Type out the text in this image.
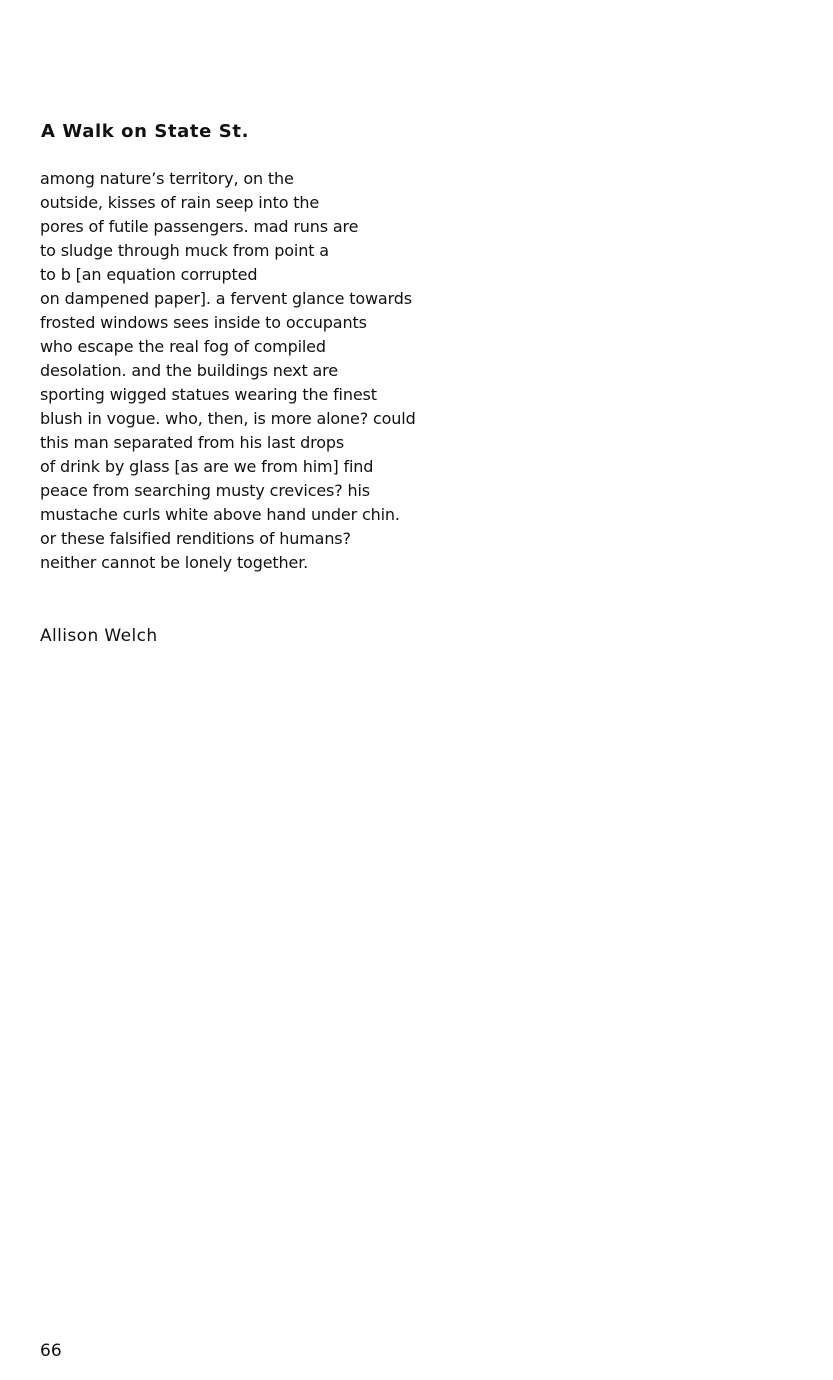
A Walk on State St.
among nature’s territory, on the
outside, kisses of rain seep into the
pores of futile passengers. mad runs are
to sludge through muck from point a
to b [an equation corrupted
on dampened paper]. a fervent glance towards
frosted windows sees inside to occupants
who escape the real fog of compiled
desolation. and the buildings next are
sporting wigged statues wearing the finest
blush in vogue. who, then, is more alone? could
this man separated from his last drops
of drink by glass [as are we from him] find
peace from searching musty crevices? his
mustache curls white above hand under chin.
or these falsified renditions of humans?
neither cannot be lonely together.

Allison Welch

66
